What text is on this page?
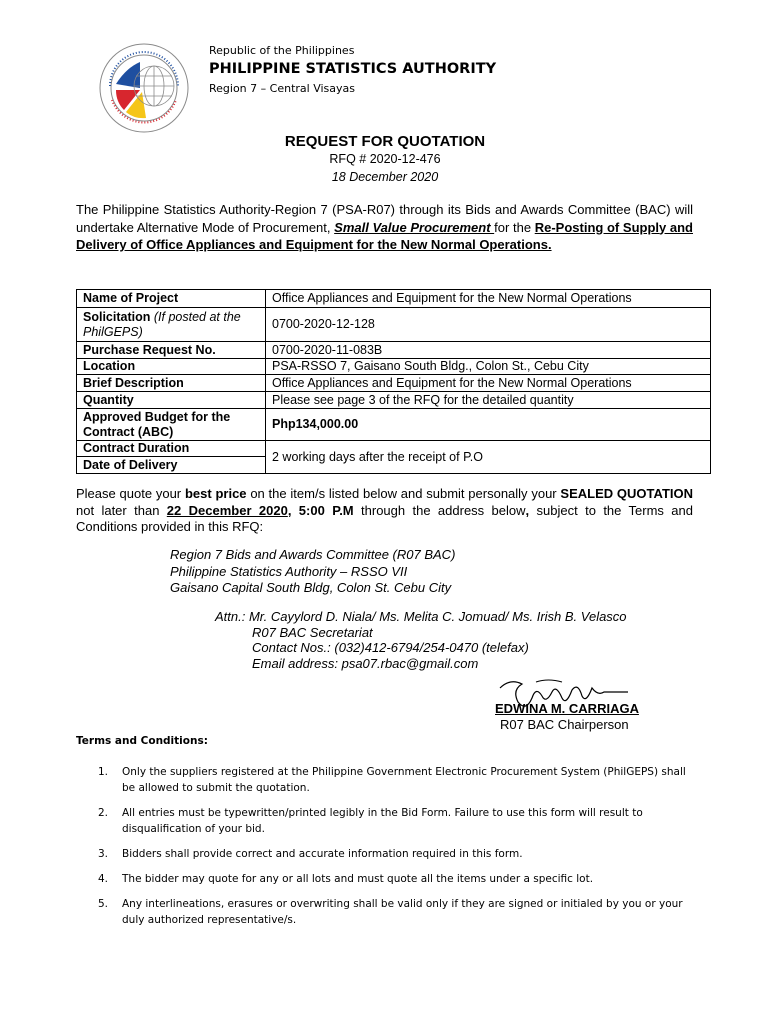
Republic of the Philippines
PHILIPPINE STATISTICS AUTHORITY
Region 7 – Central Visayas
REQUEST FOR QUOTATION
RFQ # 2020-12-476
18 December 2020
The Philippine Statistics Authority-Region 7 (PSA-R07) through its Bids and Awards Committee (BAC) will undertake Alternative Mode of Procurement, Small Value Procurement for the Re-Posting of Supply and Delivery of Office Appliances and Equipment for the New Normal Operations.
Name of Project	Office Appliances and Equipment for the New Normal Operations
Solicitation (If posted at the PhilGEPS)	0700-2020-12-128
Purchase Request No.	0700-2020-11-083B
Location	PSA-RSSO 7, Gaisano South Bldg., Colon St., Cebu City
Brief Description	Office Appliances and Equipment for the New Normal Operations
Quantity	Please see page 3 of the RFQ for the detailed quantity
Approved Budget for the Contract (ABC)	Php134,000.00
Contract Duration	2 working days after the receipt of P.O
Date of Delivery	
Please quote your best price on the item/s listed below and submit personally your SEALED QUOTATION not later than 22 December 2020, 5:00 P.M through the address below, subject to the Terms and Conditions provided in this RFQ:
Region 7 Bids and Awards Committee (R07 BAC)
Philippine Statistics Authority – RSSO VII
Gaisano Capital South Bldg, Colon St. Cebu City
Attn.: Mr. Cayylord D. Niala/ Ms. Melita C. Jomuad/ Ms. Irish B. Velasco
R07 BAC Secretariat
Contact Nos.: (032)412-6794/254-0470 (telefax)
Email address: psa07.rbac@gmail.com
EDWINA M. CARRIAGA
R07 BAC Chairperson
Terms and Conditions:
1. Only the suppliers registered at the Philippine Government Electronic Procurement System (PhilGEPS) shall be allowed to submit the quotation.
2. All entries must be typewritten/printed legibly in the Bid Form. Failure to use this form will result to disqualification of your bid.
3. Bidders shall provide correct and accurate information required in this form.
4. The bidder may quote for any or all lots and must quote all the items under a specific lot.
5. Any interlineations, erasures or overwriting shall be valid only if they are signed or initialed by you or your duly authorized representative/s.
